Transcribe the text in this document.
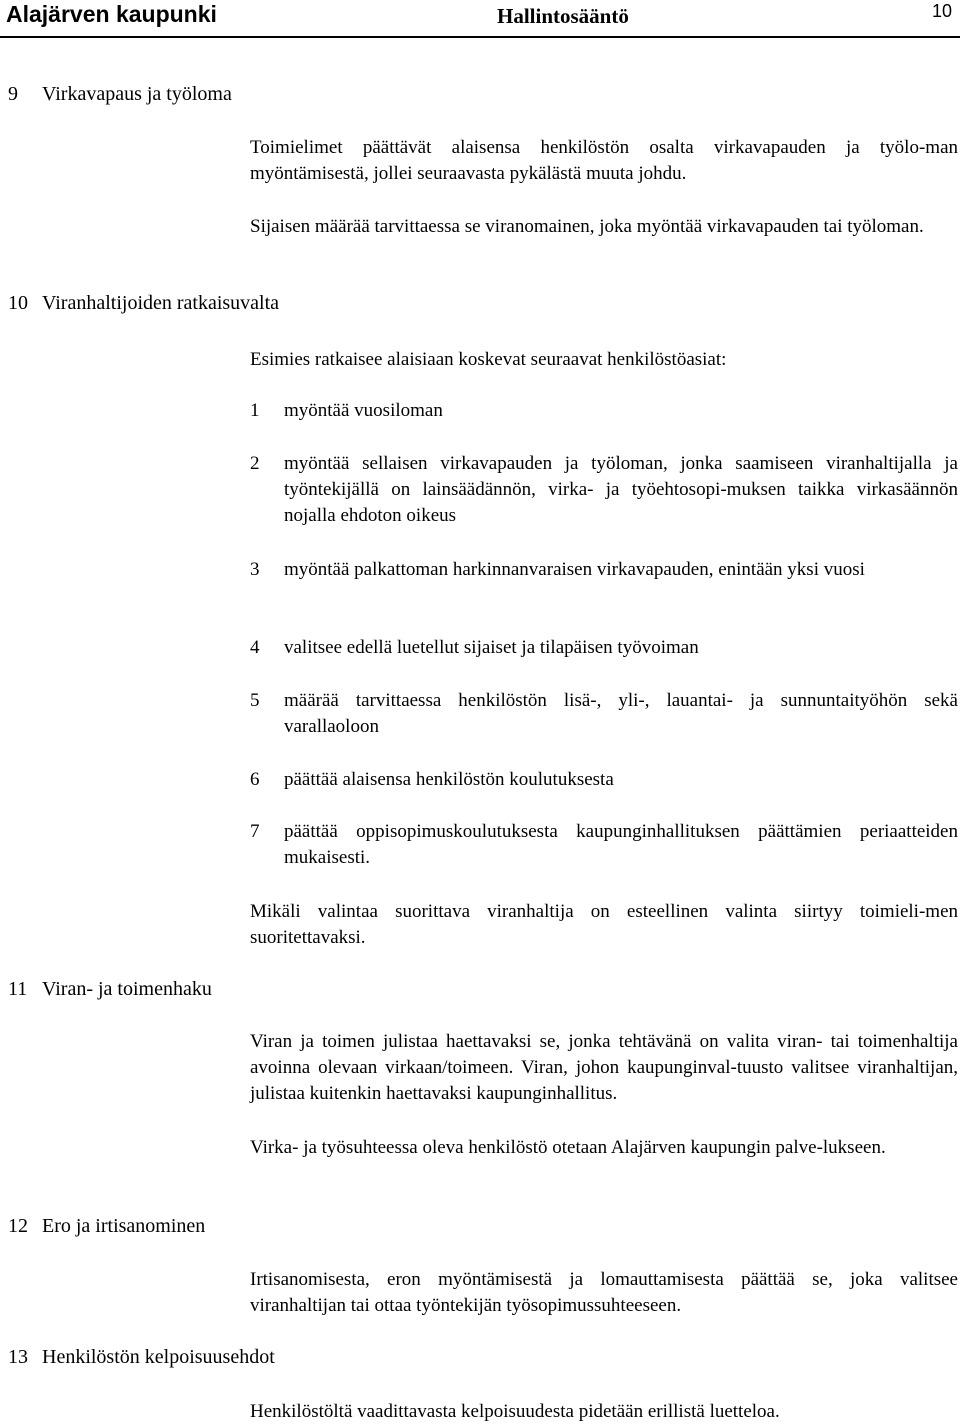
Alajärven kaupunki	Hallintosääntö	10
9 Virkavapaus ja työloma
Toimielimet päättävät alaisensa henkilöstön osalta virkavapauden ja työlo-man myöntämisestä, jollei seuraavasta pykälästä muuta johdu.
Sijaisen määrää tarvittaessa se viranomainen, joka myöntää virkavapauden tai työloman.
10 Viranhaltijoiden ratkaisuvalta
Esimies ratkaisee alaisiaan koskevat seuraavat henkilöstöasiat:
1 myöntää vuosiloman
2 myöntää sellaisen virkavapauden ja työloman, jonka saamiseen viranhaltijalla ja työntekijällä on lainsäädännön, virka- ja työehtosopi-muksen taikka virkasäännön nojalla ehdoton oikeus
3 myöntää palkattoman harkinnanvaraisen virkavapauden, enintään yksi vuosi
4 valitsee edellä luetellut sijaiset ja tilapäisen työvoiman
5 määrää tarvittaessa henkilöstön lisä-, yli-, lauantai- ja sunnuntaityöhön sekä varallaoloon
6 päättää alaisensa henkilöstön koulutuksesta
7 päättää oppisopimuskoulutuksesta kaupunginhallituksen päättämien periaatteiden mukaisesti.
Mikäli valintaa suorittava viranhaltija on esteellinen valinta siirtyy toimieli-men suoritettavaksi.
11 Viran- ja toimenhaku
Viran ja toimen julistaa haettavaksi se, jonka tehtävänä on valita viran- tai toimenhaltija avoinna olevaan virkaan/toimeen. Viran, johon kaupunginval-tuusto valitsee viranhaltijan, julistaa kuitenkin haettavaksi kaupunginhallitus.
Virka- ja työsuhteessa oleva henkilöstö otetaan Alajärven kaupungin palve-lukseen.
12 Ero ja irtisanominen
Irtisanomisesta, eron myöntämisestä ja lomauttamisesta päättää se, joka valitsee viranhaltijan tai ottaa työntekijän työsopimussuhteeseen.
13 Henkilöstön kelpoisuusehdot
Henkilöstöltä vaadittavasta kelpoisuudesta pidetään erillistä luetteloa.
